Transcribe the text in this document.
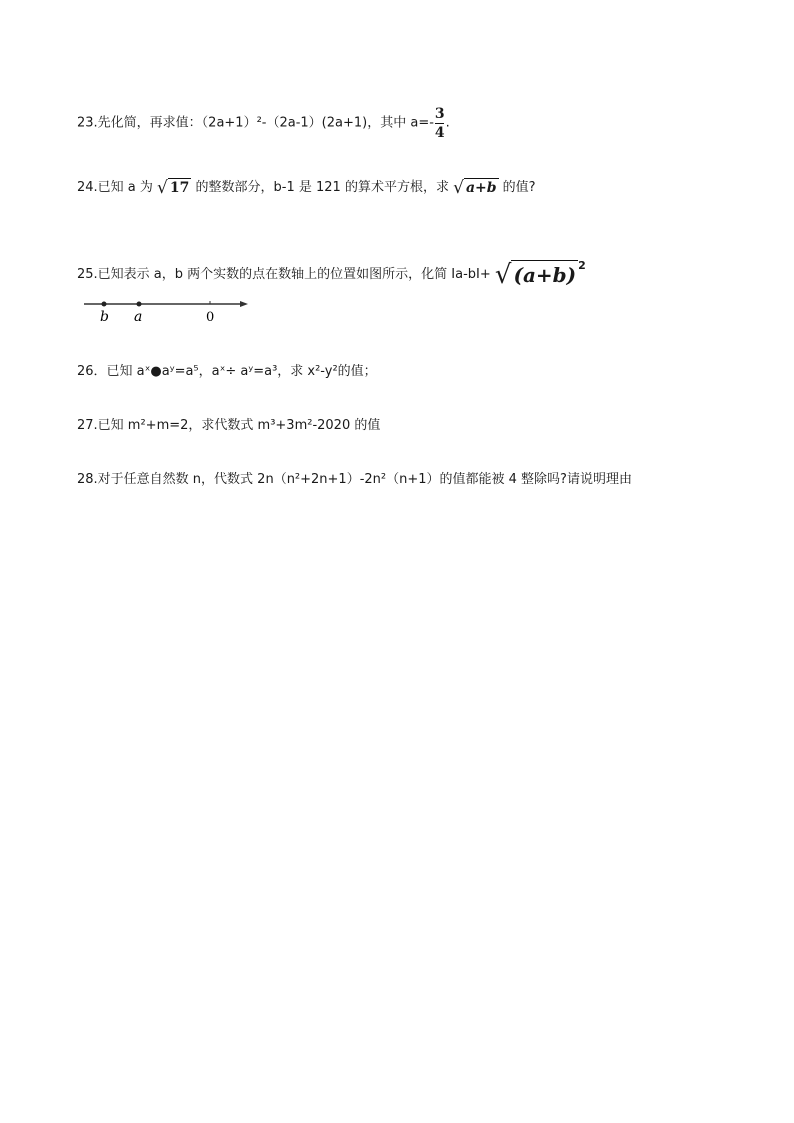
23.先化简，再求值：（2a+1）²-（2a-1）(2a+1)，其中 $a=- \frac{3}{4}$ .
24.已知 a 为 √ 17 的整数部分，b-1 是 121 的算术平方根，求 √ a+b 的值?
25.已知表示 a，b 两个实数的点在数轴上的位置如图所示，化简 Ia-bI+ √ (a+b) $^2$
b a	0
26．已知 aˣ●aʸ=a⁵，aˣ÷ aʸ=a³，求 x²-y²的值；
27.已知 m²+m=2，求代数式 m³+3m²-2020 的值
28.对于任意自然数 n，代数式 2n（n²+2n+1）-2n²（n+1）的值都能被 4 整除吗?请说明理由
